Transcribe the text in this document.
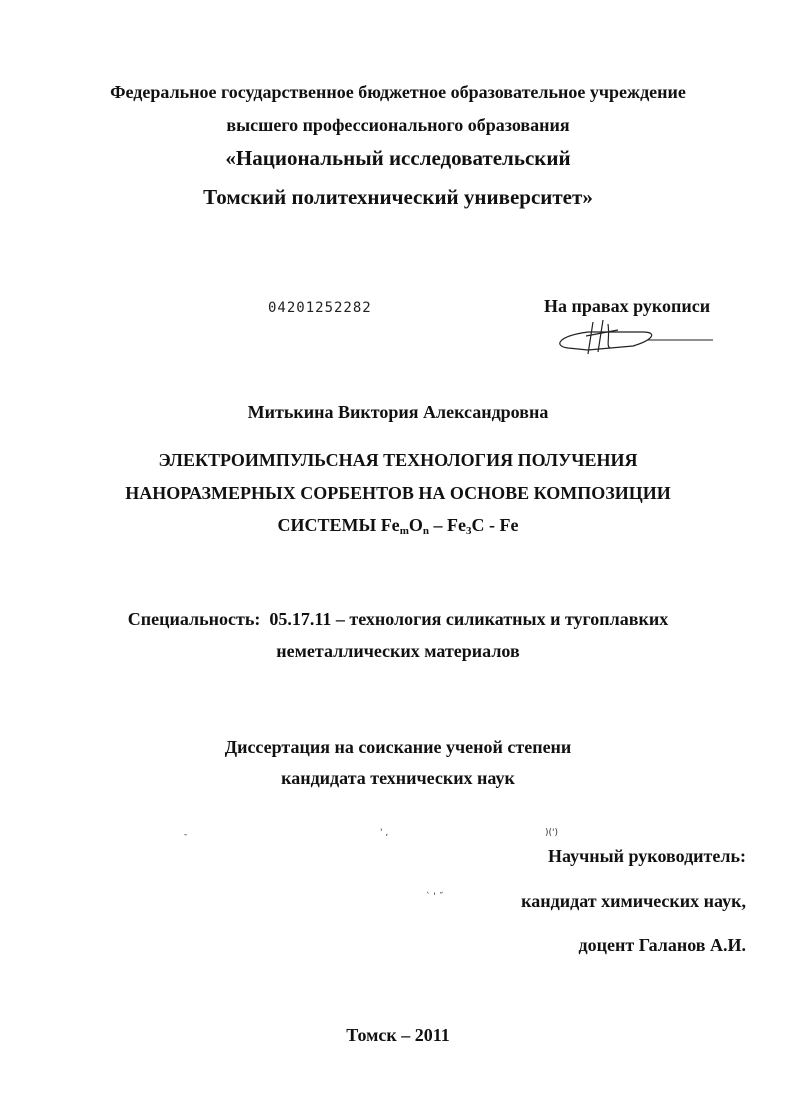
Федеральное государственное бюджетное образовательное учреждение
высшего профессионального образования
«Национальный исследовательский
Томский политехнический университет»
04201252282	На правах рукописи
Митькина Виктория Александровна
ЭЛЕКТРОИМПУЛЬСНАЯ ТЕХНОЛОГИЯ ПОЛУЧЕНИЯ
НАНОРАЗМЕРНЫХ СОРБЕНТОВ НА ОСНОВЕ КОМПОЗИЦИИ
СИСТЕМЫ $Fe_mO_n - Fe_3C$ - Fe
Специальность:  05.17.11 – технология силикатных и тугоплавких
неметаллических материалов
Диссертация на соискание ученой степени
кандидата технических наук
-	' ,	)(')
` ' ˝
Научный руководитель:
кандидат химических наук,
доцент Галанов А.И.
Томск – 2011
